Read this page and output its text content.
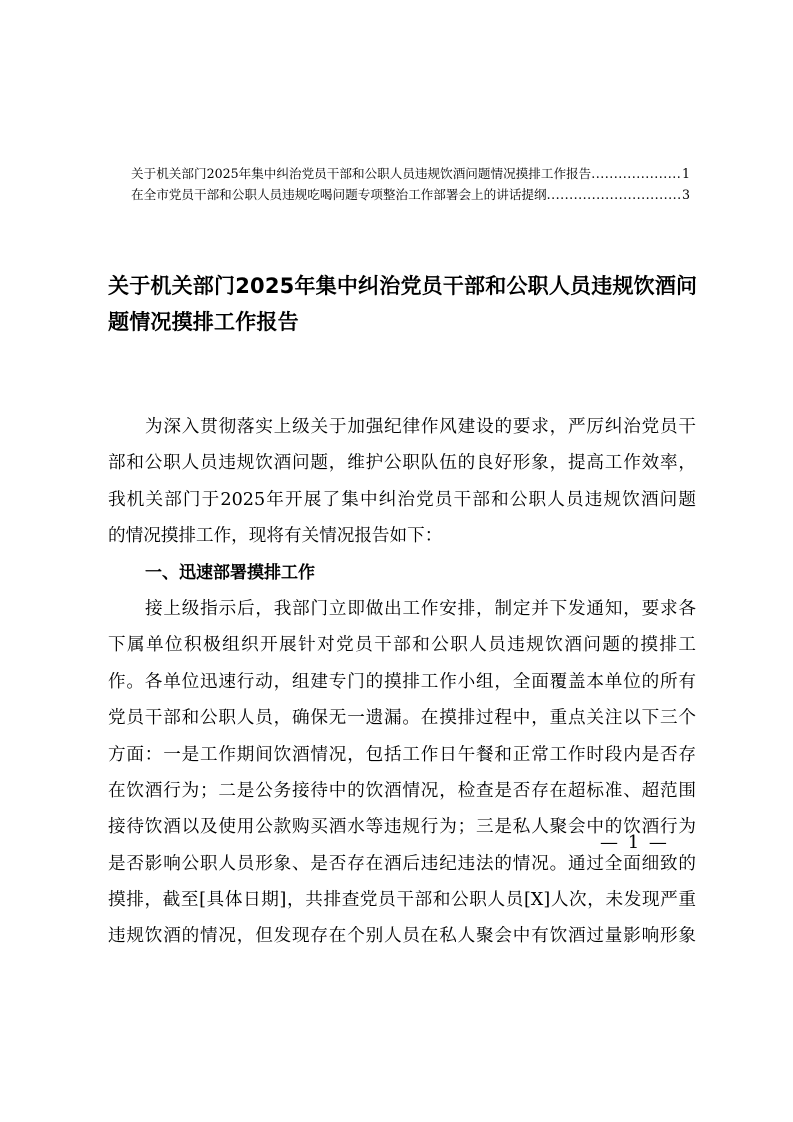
关于机关部门2025年集中纠治党员干部和公职人员违规饮酒问题情况摸排工作报告 .....	1
在全市党员干部和公职人员违规吃喝问题专项整治工作部署会上的讲话提纲 .....	3
关于机关部门2025年集中纠治党员干部和公职人员违规饮酒问
题情况摸排工作报告
为深入贯彻落实上级关于加强纪律作风建设的要求，严厉纠治党员干
部和公职人员违规饮酒问题，维护公职队伍的良好形象，提高工作效率，
我机关部门于2025年开展了集中纠治党员干部和公职人员违规饮酒问题
的情况摸排工作，现将有关情况报告如下：
一、迅速部署摸排工作
接上级指示后，我部门立即做出工作安排，制定并下发通知，要求各
下属单位积极组织开展针对党员干部和公职人员违规饮酒问题的摸排工
作。各单位迅速行动，组建专门的摸排工作小组，全面覆盖本单位的所有
党员干部和公职人员，确保无一遗漏。在摸排过程中，重点关注以下三个
方面：一是工作期间饮酒情况，包括工作日午餐和正常工作时段内是否存
在饮酒行为；二是公务接待中的饮酒情况，检查是否存在超标准、超范围
接待饮酒以及使用公款购买酒水等违规行为；三是私人聚会中的饮酒行为
是否影响公职人员形象、是否存在酒后违纪违法的情况。通过全面细致的
摸排，截至[具体日期]，共排查党员干部和公职人员[X]人次，未发现严重
违规饮酒的情况，但发现存在个别人员在私人聚会中有饮酒过量影响形象
— 1 —
